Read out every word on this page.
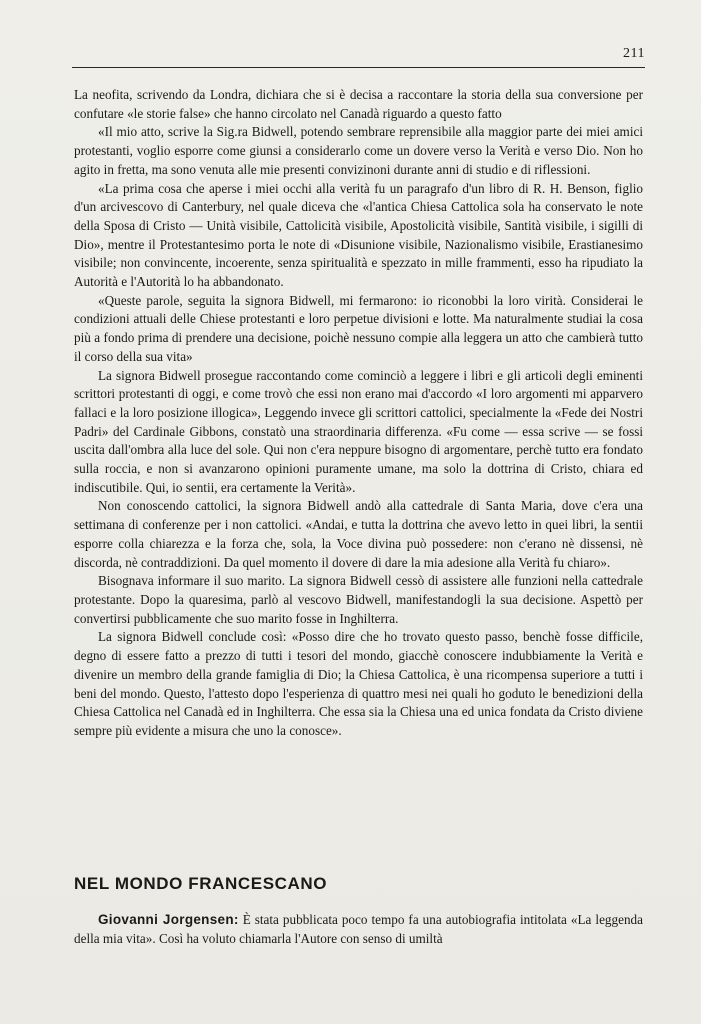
211

La neofita, scrivendo da Londra, dichiara che si è decisa a raccontare la storia della sua conversione per confutare «le storie false» che hanno circolato nel Canadà riguardo a questo fatto

«Il mio atto, scrive la Sig.ra Bidwell, potendo sembrare reprensibile alla maggior parte dei miei amici protestanti, voglio esporre come giunsi a considerarlo come un dovere verso la Verità e verso Dio. Non ho agito in fretta, ma sono venuta alle mie presenti convizinoni durante anni di studio e di riflessioni.

«La prima cosa che aperse i miei occhi alla verità fu un paragrafo d'un libro di R. H. Benson, figlio d'un arcivescovo di Canterbury, nel quale diceva che «l'antica Chiesa Cattolica sola ha conservato le note della Sposa di Cristo — Unità visibile, Cattolicità visibile, Apostolicità visibile, Santità visibile, i sigilli di Dio», mentre il Protestantesimo porta le note di «Disunione visibile, Nazionalismo visibile, Erastianesimo visibile; non convincente, incoerente, senza spiritualità e spezzato in mille frammenti, esso ha ripudiato la Autorità e l'Autorità lo ha abbandonato.

«Queste parole, seguita la signora Bidwell, mi fermarono: io riconobbi la loro virità. Considerai le condizioni attuali delle Chiese protestanti e loro perpetue divisioni e lotte. Ma naturalmente studiai la cosa più a fondo prima di prendere una decisione, poichè nessuno compie alla leggera un atto che cambierà tutto il corso della sua vita»

La signora Bidwell prosegue raccontando come cominciò a leggere i libri e gli articoli degli eminenti scrittori protestanti di oggi, e come trovò che essi non erano mai d'accordo «I loro argomenti mi apparvero fallaci e la loro posizione illogica», Leggendo invece gli scrittori cattolici, specialmente la «Fede dei Nostri Padri» del Cardinale Gibbons, constatò una straordinaria differenza. «Fu come — essa scrive — se fossi uscita dall'ombra alla luce del sole. Qui non c'era neppure bisogno di argomentare, perchè tutto era fondato sulla roccia, e non si avanzarono opinioni puramente umane, ma solo la dottrina di Cristo, chiara ed indiscutibile. Qui, io sentii, era certamente la Verità».

Non conoscendo cattolici, la signora Bidwell andò alla cattedrale di Santa Maria, dove c'era una settimana di conferenze per i non cattolici. «Andai, e tutta la dottrina che avevo letto in quei libri, la sentii esporre colla chiarezza e la forza che, sola, la Voce divina può possedere: non c'erano nè dissensi, nè discorda, nè contraddizioni. Da quel momento il dovere di dare la mia adesione alla Verità fu chiaro».

Bisognava informare il suo marito. La signora Bidwell cessò di assistere alle funzioni nella cattedrale protestante. Dopo la quaresima, parlò al vescovo Bidwell, manifestandogli la sua decisione. Aspettò per convertirsi pubblicamente che suo marito fosse in Inghilterra.

La signora Bidwell conclude così: «Posso dire che ho trovato questo passo, benchè fosse difficile, degno di essere fatto a prezzo di tutti i tesori del mondo, giacchè conoscere indubbiamente la Verità e divenire un membro della grande famiglia di Dio; la Chiesa Cattolica, è una ricompensa superiore a tutti i beni del mondo. Questo, l'attesto dopo l'esperienza di quattro mesi nei quali ho goduto le benedizioni della Chiesa Cattolica nel Canadà ed in Inghilterra. Che essa sia la Chiesa una ed unica fondata da Cristo diviene sempre più evidente a misura che uno la conosce».

NEL MONDO FRANCESCANO

Giovanni Jorgensen: È stata pubblicata poco tempo fa una autobiografia intitolata «La leggenda della mia vita». Così ha voluto chiamarla l'Autore con senso di umiltà
